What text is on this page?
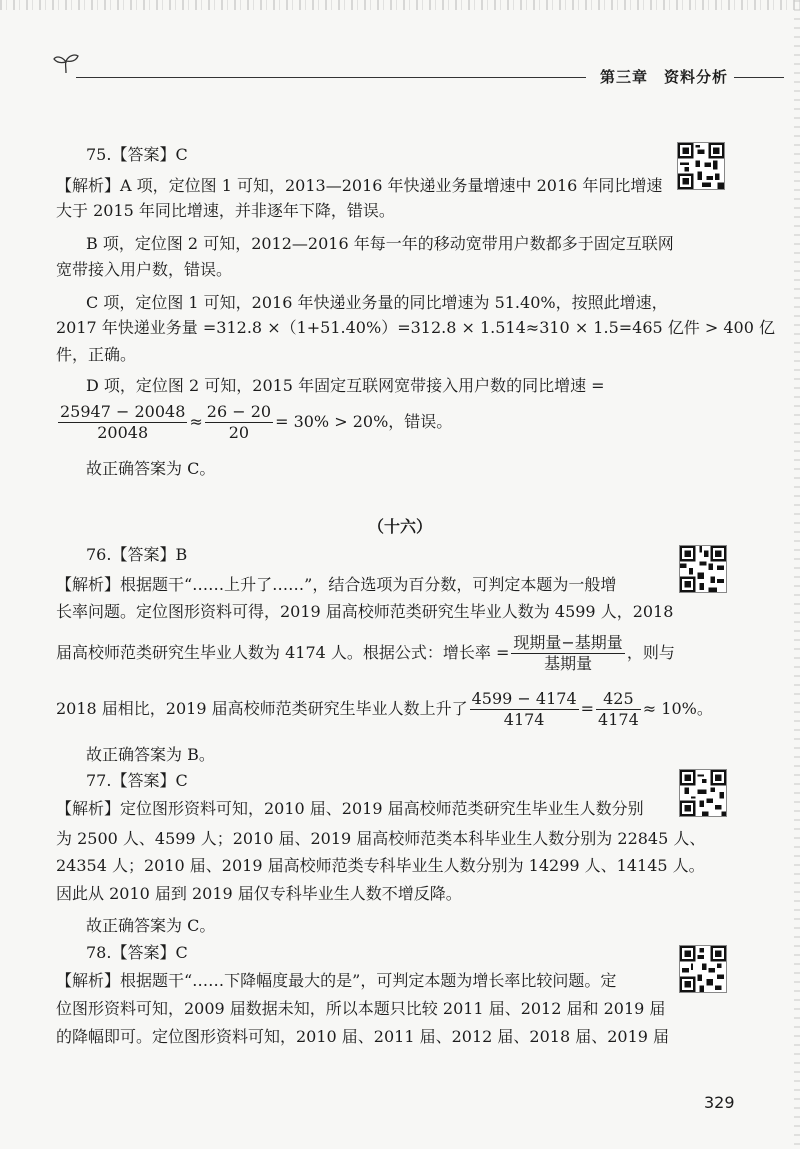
第三章　资料分析
75.【答案】C
【解析】A 项，定位图 1 可知，2013—2016 年快递业务量增速中 2016 年同比增速
大于 2015 年同比增速，并非逐年下降，错误。
B 项，定位图 2 可知，2012—2016 年每一年的移动宽带用户数都多于固定互联网
宽带接入用户数，错误。
C 项，定位图 1 可知，2016 年快递业务量的同比增速为 51.40%，按照此增速，
2017 年快递业务量 =312.8 ×（1+51.40%）=312.8 × 1.514≈310 × 1.5=465 亿件 > 400 亿
件，正确。
D 项，定位图 2 可知，2015 年固定互联网宽带接入用户数的同比增速 =
$\frac{25947 - 20048}{20048} \approx \frac{26 - 20}{20} = 30\% > 20\%$，错误。
故正确答案为 C。
（十六）
76.【答案】B
【解析】根据题干“……上升了……”，结合选项为百分数，可判定本题为一般增
长率问题。定位图形资料可得，2019 届高校师范类研究生毕业人数为 4599 人，2018
届高校师范类研究生毕业人数为 4174 人。根据公式：增长率 = $\frac{\text{现期量−基期量}}{\text{基期量}}$ ，则与
2018 届相比，2019 届高校师范类研究生毕业人数上升了 $\frac{4599 - 4174}{4174} = \frac{425}{4174} \approx 10\%$。
故正确答案为 B。
77.【答案】C
【解析】定位图形资料可知，2010 届、2019 届高校师范类研究生毕业生人数分别
为 2500 人、4599 人；2010 届、2019 届高校师范类本科毕业生人数分别为 22845 人、
24354 人；2010 届、2019 届高校师范类专科毕业生人数分别为 14299 人、14145 人。
因此从 2010 届到 2019 届仅专科毕业生人数不增反降。
故正确答案为 C。
78.【答案】C
【解析】根据题干“……下降幅度最大的是”，可判定本题为增长率比较问题。定
位图形资料可知，2009 届数据未知，所以本题只比较 2011 届、2012 届和 2019 届
的降幅即可。定位图形资料可知，2010 届、2011 届、2012 届、2018 届、2019 届
329
